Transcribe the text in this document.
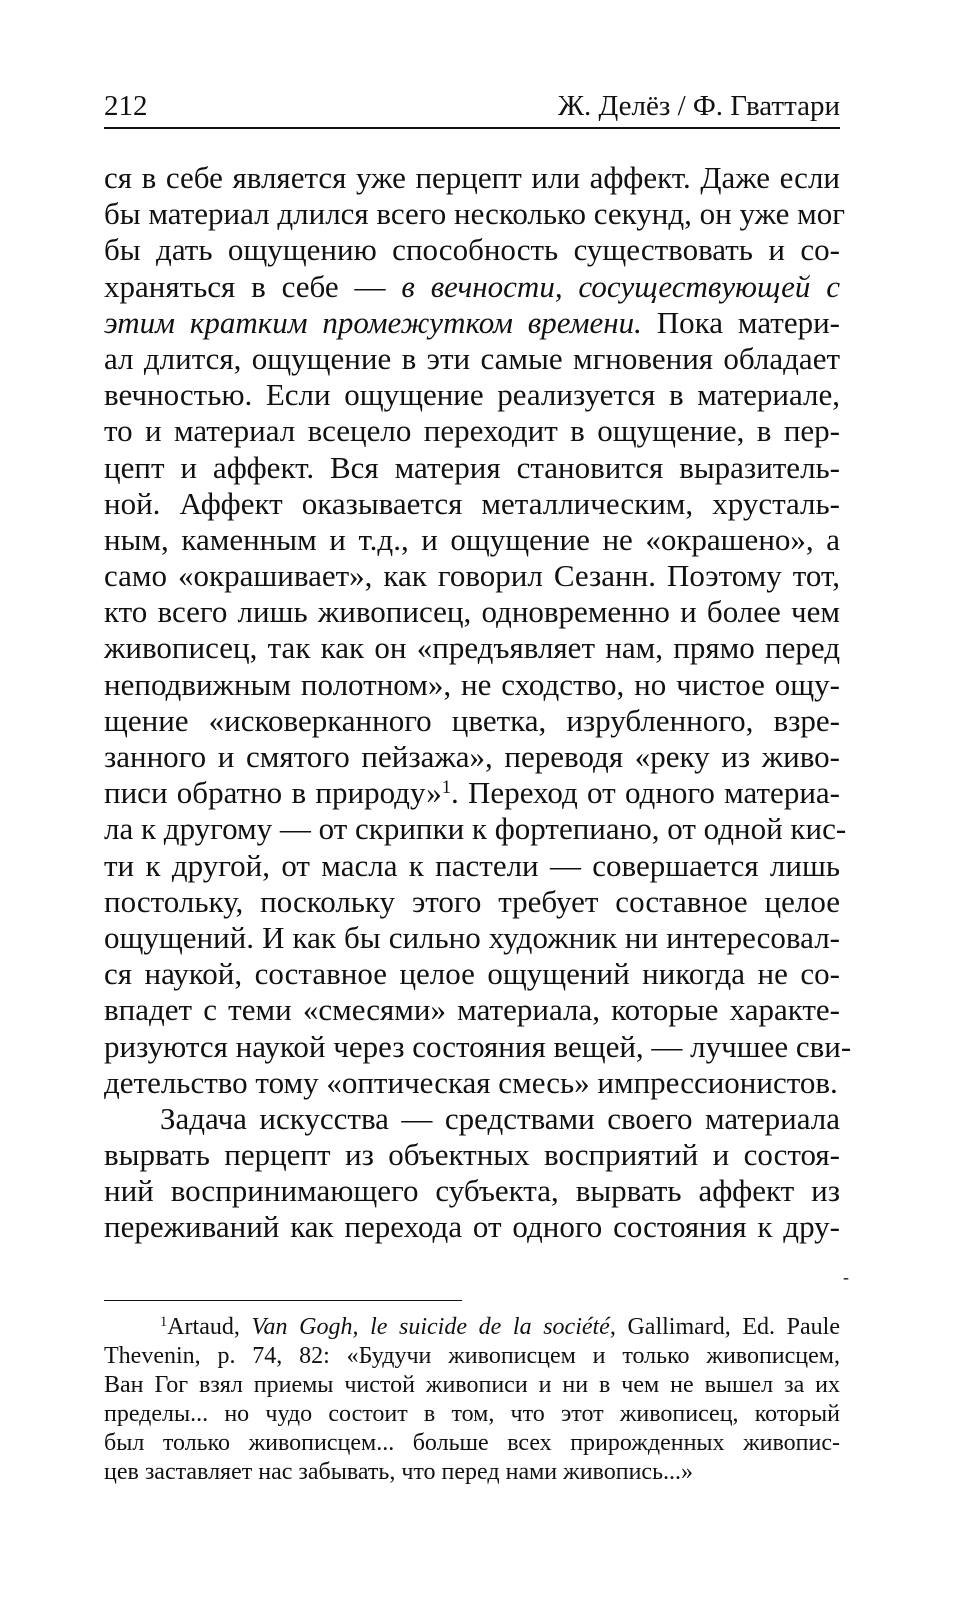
212	Ж. Делёз / Ф. Гваттари
ся в себе является уже перцепт или аффект. Даже если
бы материал длился всего несколько секунд, он уже мог
бы дать ощущению способность существовать и со-
храняться в себе — в вечности, сосуществующей с
этим кратким промежутком времени. Пока матери-
ал длится, ощущение в эти самые мгновения обладает
вечностью. Если ощущение реализуется в материале,
то и материал всецело переходит в ощущение, в пер-
цепт и аффект. Вся материя становится выразитель-
ной. Аффект оказывается металлическим, хрусталь-
ным, каменным и т.д., и ощущение не «окрашено», а
само «окрашивает», как говорил Сезанн. Поэтому тот,
кто всего лишь живописец, одновременно и более чем
живописец, так как он «предъявляет нам, прямо перед
неподвижным полотном», не сходство, но чистое ощу-
щение «исковерканного цветка, изрубленного, взре-
занного и смятого пейзажа», переводя «реку из живо-
писи обратно в природу»$^1$. Переход от одного материа-
ла к другому — от скрипки к фортепиано, от одной кис-
ти к другой, от масла к пастели — совершается лишь
постольку, поскольку этого требует составное целое
ощущений. И как бы сильно художник ни интересовал-
ся наукой, составное целое ощущений никогда не со-
впадет с теми «смесями» материала, которые характе-
ризуются наукой через состояния вещей, — лучшее сви-
детельство тому «оптическая смесь» импрессионистов.
Задача искусства — средствами своего материала
вырвать перцепт из объектных восприятий и состоя-
ний воспринимающего субъекта, вырвать аффект из
переживаний как перехода от одного состояния к дру-
-
$^1$Artaud, Van Gogh, le suicide de la société, Gallimard, Ed. Paule
Thevenin, p. 74, 82: «Будучи живописцем и только живописцем,
Ван Гог взял приемы чистой живописи и ни в чем не вышел за их
пределы... но чудо состоит в том, что этот живописец, который
был только живописцем... больше всех прирожденных живопис-
цев заставляет нас забывать, что перед нами живопись...»
